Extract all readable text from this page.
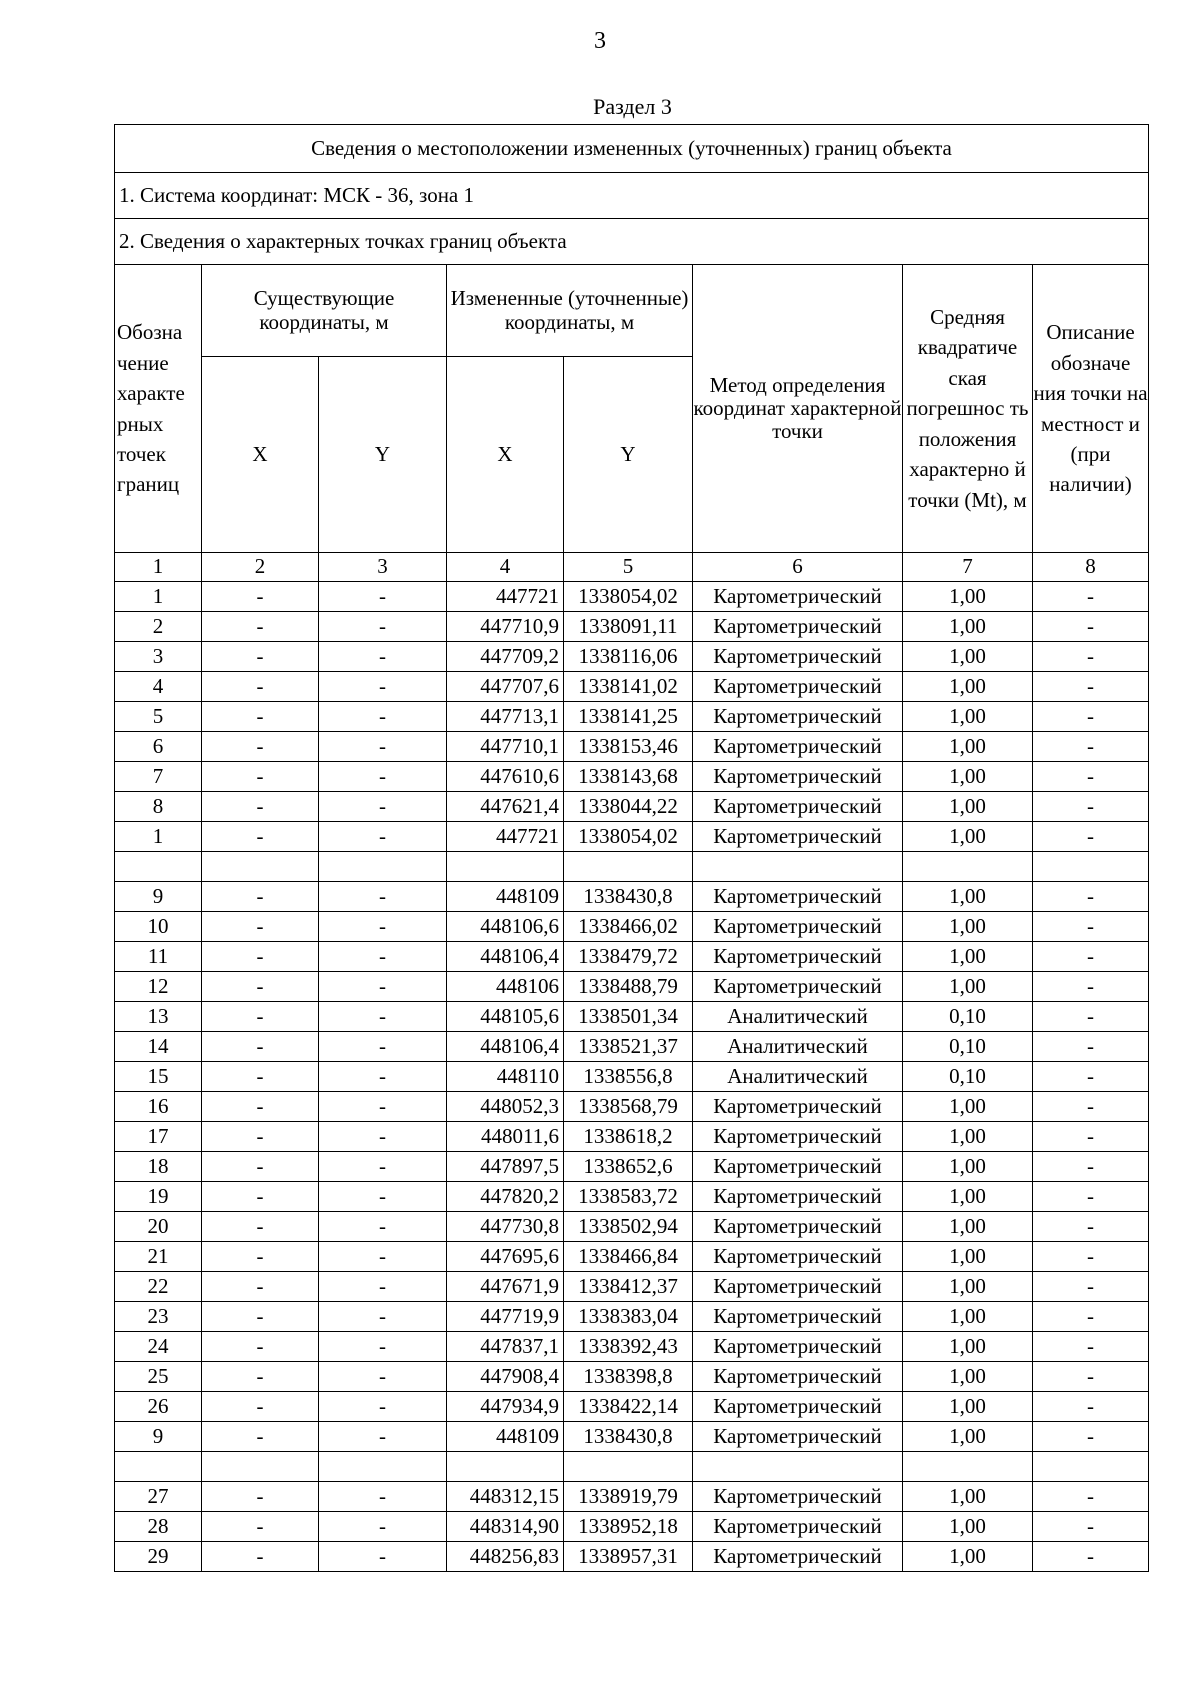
3
Раздел 3
Сведения о местоположении измененных (уточненных) границ объекта							
1. Система координат: МСК - 36, зона 1							
2. Сведения о характерных точках границ объекта							
Обозна чение характе рных точек границ	Существующие координаты, м		Измененные (уточненные) координаты, м		Метод определения координат характерной точки	Средняя квадратиче ская погрешнос ть положения характерно й точки (Mt), м	Описание обозначе ния точки на местност и (при наличии)
	X	Y	X	Y			
1	2	3	4	5	6	7	8
1	-	-	447721	1338054,02	Картометрический	1,00	-
2	-	-	447710,9	1338091,11	Картометрический	1,00	-
3	-	-	447709,2	1338116,06	Картометрический	1,00	-
4	-	-	447707,6	1338141,02	Картометрический	1,00	-
5	-	-	447713,1	1338141,25	Картометрический	1,00	-
6	-	-	447710,1	1338153,46	Картометрический	1,00	-
7	-	-	447610,6	1338143,68	Картометрический	1,00	-
8	-	-	447621,4	1338044,22	Картометрический	1,00	-
1	-	-	447721	1338054,02	Картометрический	1,00	-

9	-	-	448109	1338430,8	Картометрический	1,00	-
10	-	-	448106,6	1338466,02	Картометрический	1,00	-
11	-	-	448106,4	1338479,72	Картометрический	1,00	-
12	-	-	448106	1338488,79	Картометрический	1,00	-
13	-	-	448105,6	1338501,34	Аналитический	0,10	-
14	-	-	448106,4	1338521,37	Аналитический	0,10	-
15	-	-	448110	1338556,8	Аналитический	0,10	-
16	-	-	448052,3	1338568,79	Картометрический	1,00	-
17	-	-	448011,6	1338618,2	Картометрический	1,00	-
18	-	-	447897,5	1338652,6	Картометрический	1,00	-
19	-	-	447820,2	1338583,72	Картометрический	1,00	-
20	-	-	447730,8	1338502,94	Картометрический	1,00	-
21	-	-	447695,6	1338466,84	Картометрический	1,00	-
22	-	-	447671,9	1338412,37	Картометрический	1,00	-
23	-	-	447719,9	1338383,04	Картометрический	1,00	-
24	-	-	447837,1	1338392,43	Картометрический	1,00	-
25	-	-	447908,4	1338398,8	Картометрический	1,00	-
26	-	-	447934,9	1338422,14	Картометрический	1,00	-
9	-	-	448109	1338430,8	Картометрический	1,00	-

27	-	-	448312,15	1338919,79	Картометрический	1,00	-
28	-	-	448314,90	1338952,18	Картометрический	1,00	-
29	-	-	448256,83	1338957,31	Картометрический	1,00	-
